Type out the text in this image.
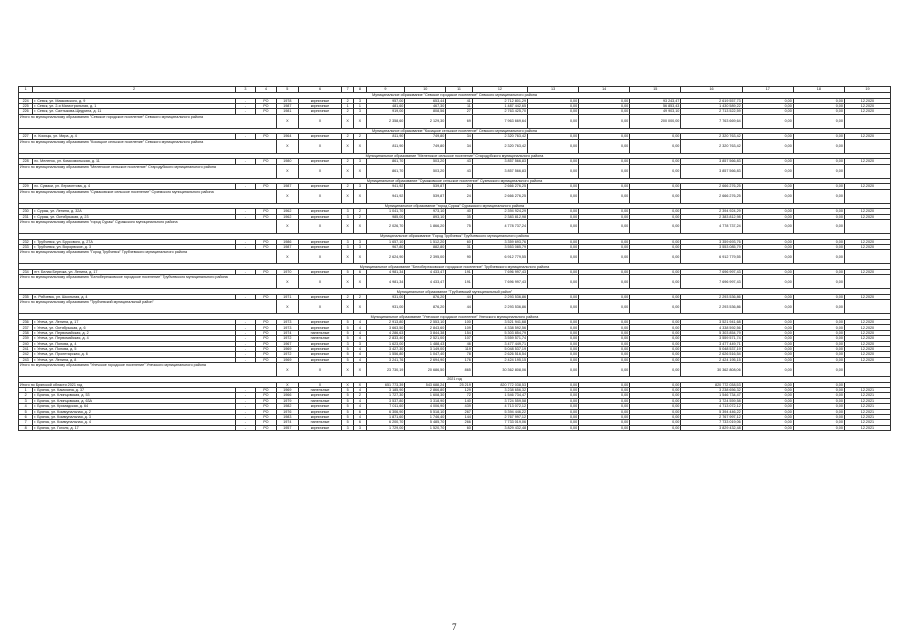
1	2	3	4	5	6	7	8	9	10	11	12	13	14	15	16	17	18	19
Муниципальное образование "Севское городское поселение" Севского муниципального района																		
224	г. Севск, ул. Маяковского, д. 9	-	РО	1978	кирпичные	2	3	957,00	653,44	41	2 712 801,29	0,00	0,00	93 243,47	2 619 557,73	0,00	0,00	12.2020
225	г. Севск, ул. 2-я Магистральная, д. 1	-	РО	1987	кирпичные	1	1	481,60	467,30	11	1 487 442,65	0,00	0,00	56 853,43	1 430 589,22	0,00	0,00	12.2020
226	г. Севск, ул. Салтыкова-Щедрина, д. 11	-	РО	1981	кирпичные	2	3	919,00	808,56	27	2 763 425,70	0,00	0,00	49 903,10	2 713 522,59	0,00	0,00	12.2020
Итого по муниципальному образованию "Севское городское поселение" Севского муниципального района				X	X	X	X	2 358,60	2 129,30	69	7 963 669,64	0,00	0,00	200 000,00	7 763 669,64	0,00	0,00	
Муниципальное образование "Косицкое сельское поселение" Севского муниципального района																		
227	п. Косицы, ул. Мира, д. 4	-	РО	1964	кирпичные	2	2	811,90	749,80	34	2 320 763,42	0,00	0,00	0,00	2 320 763,42	0,00	0,00	12.2020
Итого по муниципальному образованию "Косицкое сельское поселение" Севского муниципального района				X	X	X	X	811,90	749,80	34	2 320 763,42	0,00	0,00	0,00	2 320 763,42	0,00	0,00	
Муниципальное образование "Меленское сельское поселение" Стародубского муниципального района																		
228	пс. Меленск, ул. Комсомольская, д. 11	-	РО	1980	кирпичные	2	3	861,70	503,20	43	3 857 566,83	0,00	0,00	0,00	3 857 566,83	0,00	0,00	12.2020
Итого по муниципальному образованию "Меленское сельское поселение" Стародубского муниципального района				X	X	X	X	861,70	503,20	43	3 857 566,83	0,00	0,00	0,00	3 857 566,83	0,00	0,00	
Муниципальное образование "Сумаковское сельское поселение" Суземского муниципального района																		
229	пс. Сумаки, ул. Лермонтова, д. 4	-	РО	1987	кирпичные	2	3	941,92	539,87	24	2 666 276,25	0,00	0,00	0,00	2 666 276,25	0,00	0,00	12.2020
Итого по муниципальному образованию "Сумаковское сельское поселение" Суземского муниципального района				X	X	X	X	941,92	539,87	24	2 666 276,25	0,00	0,00	0,00	2 666 276,25	0,00	0,00	
Муниципальное образование "город Сураж" Суражского муниципального района																		
230	г. Сураж, ул. Ленина, д. 32А	-	РО	1962	кирпичные	3	2	1 041,70	973,10	40	2 394 924,29	0,00	0,00	0,00	2 394 924,29	0,00	0,00	12.2020
231	г. Сураж, ул. Октябрьская, д. 23	-	РО	1962	кирпичные	3	2	985,00	893,10	35	2 383 812,98	0,00	0,00	0,00	2 383 812,98	0,00	0,00	12.2020
Итого по муниципальному образованию "город Сураж" Суражского муниципального района				X	X	X	X	2 026,70	1 866,20	75	4 778 737,24	0,00	0,00	0,00	4 778 737,24	0,00	0,00	
Муниципальное образование "Город Трубчевск" Трубчевского муниципального района																		
232	г. Трубчевск, ул. Брусового, д. 27А	-	РО	1986	кирпичные	3	3	1 657,10	1 512,20	60	3 359 693,76	0,00	0,00	0,00	3 359 693,76	0,00	0,00	12.2020
233	г. Трубчевск, ул. Ворорвское, д. 3	-	РО	1987	кирпичные	3	3	967,80	882,80	31	3 553 085,79	0,00	0,00	0,00	3 553 085,79	0,00	0,00	12.2020
Итого по муниципальному образованию "Город Трубчевск" Трубчевского муниципального района				X	X	X	X	2 624,90	2 395,00	90	6 912 779,55	0,00	0,00	0,00	6 912 779,55	0,00	0,00	
Муниципальное образование "Белоберезковское городское поселение" Трубчевского муниципального района																		
234	пгт. Белая Березка, ул. Ленина, д. 17	-	РО	1970	кирпичные	5	6	4 981,34	4 433,47	191	7 696 997,43	0,00	0,00	0,00	7 696 997,43	0,00	0,00	12.2020
Итого по муниципальному образованию "Белоберезковское городское поселение" Трубчевского муниципального района				X	X	X	X	4 981,34	4 433,47	191	7 696 997,43	0,00	0,00	0,00	7 696 997,43	0,00	0,00	
Муниципальное образование "Трубчевский муниципальный район"																		
235	п. Рябчевск, ул. Школьная, д. 4	-	РО	1971	кирпичные	2	2	931,00	876,20	44	2 293 536,86	0,00	0,00	0,00	2 293 536,86	0,00	0,00	12.2020
Итого по муниципальному образованию "Трубчевский муниципальный район"				X	X	X	X	931,00	876,20	44	2 293 536,86	0,00	0,00	0,00	2 293 536,86	0,00	0,00	
Муниципальное образование "Унечское городское поселение" Унечского муниципального района																		
236	г. Унеча, ул. Ленина, д. 17	-	РО	1973	кирпичные	5	4	2 913,80	2 553,10	100	3 521 941,68	0,00	0,00	0,00	3 521 941,68	0,00	0,00	12.2020
237	г. Унеча, ул. Октябрьская, д. 6	-	РО	1973	кирпичные	5	4	3 663,50	2 843,60	109	4 338 592,56	0,00	0,00	0,00	4 338 592,56	0,00	0,00	12.2020
238	г. Унеча, ул. Первомайская, д. 2	-	РО	1974	панельные	5	4	4 286,63	3 844,38	154	5 303 854,79	0,00	0,00	0,00	5 303 854,79	0,00	0,00	12.2020
239	г. Унеча, ул. Первомайская, д. 4	-	РО	1972	панельные	5	4	2 833,40	2 521,00	107	3 559 571,74	0,00	0,00	0,00	3 559 571,74	0,00	0,00	12.2020
240	г. Унеча, ул. Попова, д. 4	-	РО	1967	кирпичные	3	3	1 623,00	1 488,43	46	3 477 449,71	0,00	0,00	0,00	3 477 449,71	0,00	0,00	12.2020
241	г. Унеча, ул. Попова, д. 5	-	РО	1969	кирпичные	5	4	3 427,30	3 149,00	119	5 048 537,19	0,00	0,00	0,00	5 048 537,19	0,00	0,00	12.2020
242	г. Унеча, ул. Пролетарская, д. 6	-	РО	1972	кирпичные	5	4	1 556,80	1 047,40	78	2 626 516,54	0,00	0,00	0,00	2 626 516,54	0,00	0,00	12.2020
243	г. Унеча, ул. Ленина, д. 8	-	РО	1969	кирпичные	5	4	3 241,76	2 694,90	176	2 424 195,15	0,00	0,00	0,00	2 424 195,15	0,00	0,00	12.2020
Итого по муниципальному образованию "Унечское городское поселение" Унечского муниципального района				X	X	X	X	23 730,19	20 686,50	865	30 362 808,06	0,00	0,00	0,00	30 362 808,06	0,00	0,00	
2021 год																		
Итого по Брянской области 2021 год				X	X	X	X	651 773,39	543 688,24	25 219	820 772 038,53	0,00	0,00	0,00	820 772 038,53	0,00	0,00	
1	г. Брянск, ул. Камозина, д. 37	-	РО	1969	панельные	5	4	3 185,90	2 866,80	129	3 238 656,32	0,00	0,00	0,00	3 238 656,32	0,00	0,00	12.2021
2	г. Брянск, ул. Клинцовская, д. 53	-	РО	1966	кирпичные	5	2	1 727,30	1 608,30	72	1 546 734,47	0,00	0,00	0,00	1 546 734,47	0,00	0,00	12.2021
3	г. Брянск, ул. Клинцовская, д. 63А	-	РО	1979	панельные	5	4	3 537,80	3 318,90	140	3 724 559,58	0,00	0,00	0,00	3 724 559,58	0,00	0,00	12.2021
4	г. Брянск, ул. Кромадская, д. 64	-	РО	1982	кирпичные	5	4	7 011,60	4 006,90	439	4 713 072,12	0,00	0,00	0,00	4 713 072,12	0,00	0,00	12.2021
5	г. Брянск, ул. Коммунальная, д. 2	-	РО	1976	кирпичные	5	6	6 306,90	5 518,10	267	5 394 446,22	0,00	0,00	0,00	5 394 446,22	0,00	0,00	12.2021
6	г. Брянск, ул. Коммунальная, д. 3	-	РО	1983	кирпичные	5	4	1 871,60	1 746,40	144	2 767 997,12	0,00	0,00	0,00	2 767 997,12	0,00	0,00	12.2021
7	г. Брянск, ул. Коммунальная, д. 4	-	РО	1974	панельные	5	6	6 200,70	5 485,70	266	7 733 019,06	0,00	0,00	0,00	7 733 019,06	0,00	0,00	12.2021
8	г. Брянск, ул. Гоголя, д. 17	-	РО	1957	кирпичные	3	3	1 729,00	1 520,70	60	3 829 432,48	0,00	0,00	0,00	3 829 432,48	0,00	0,00	12.2021
7
